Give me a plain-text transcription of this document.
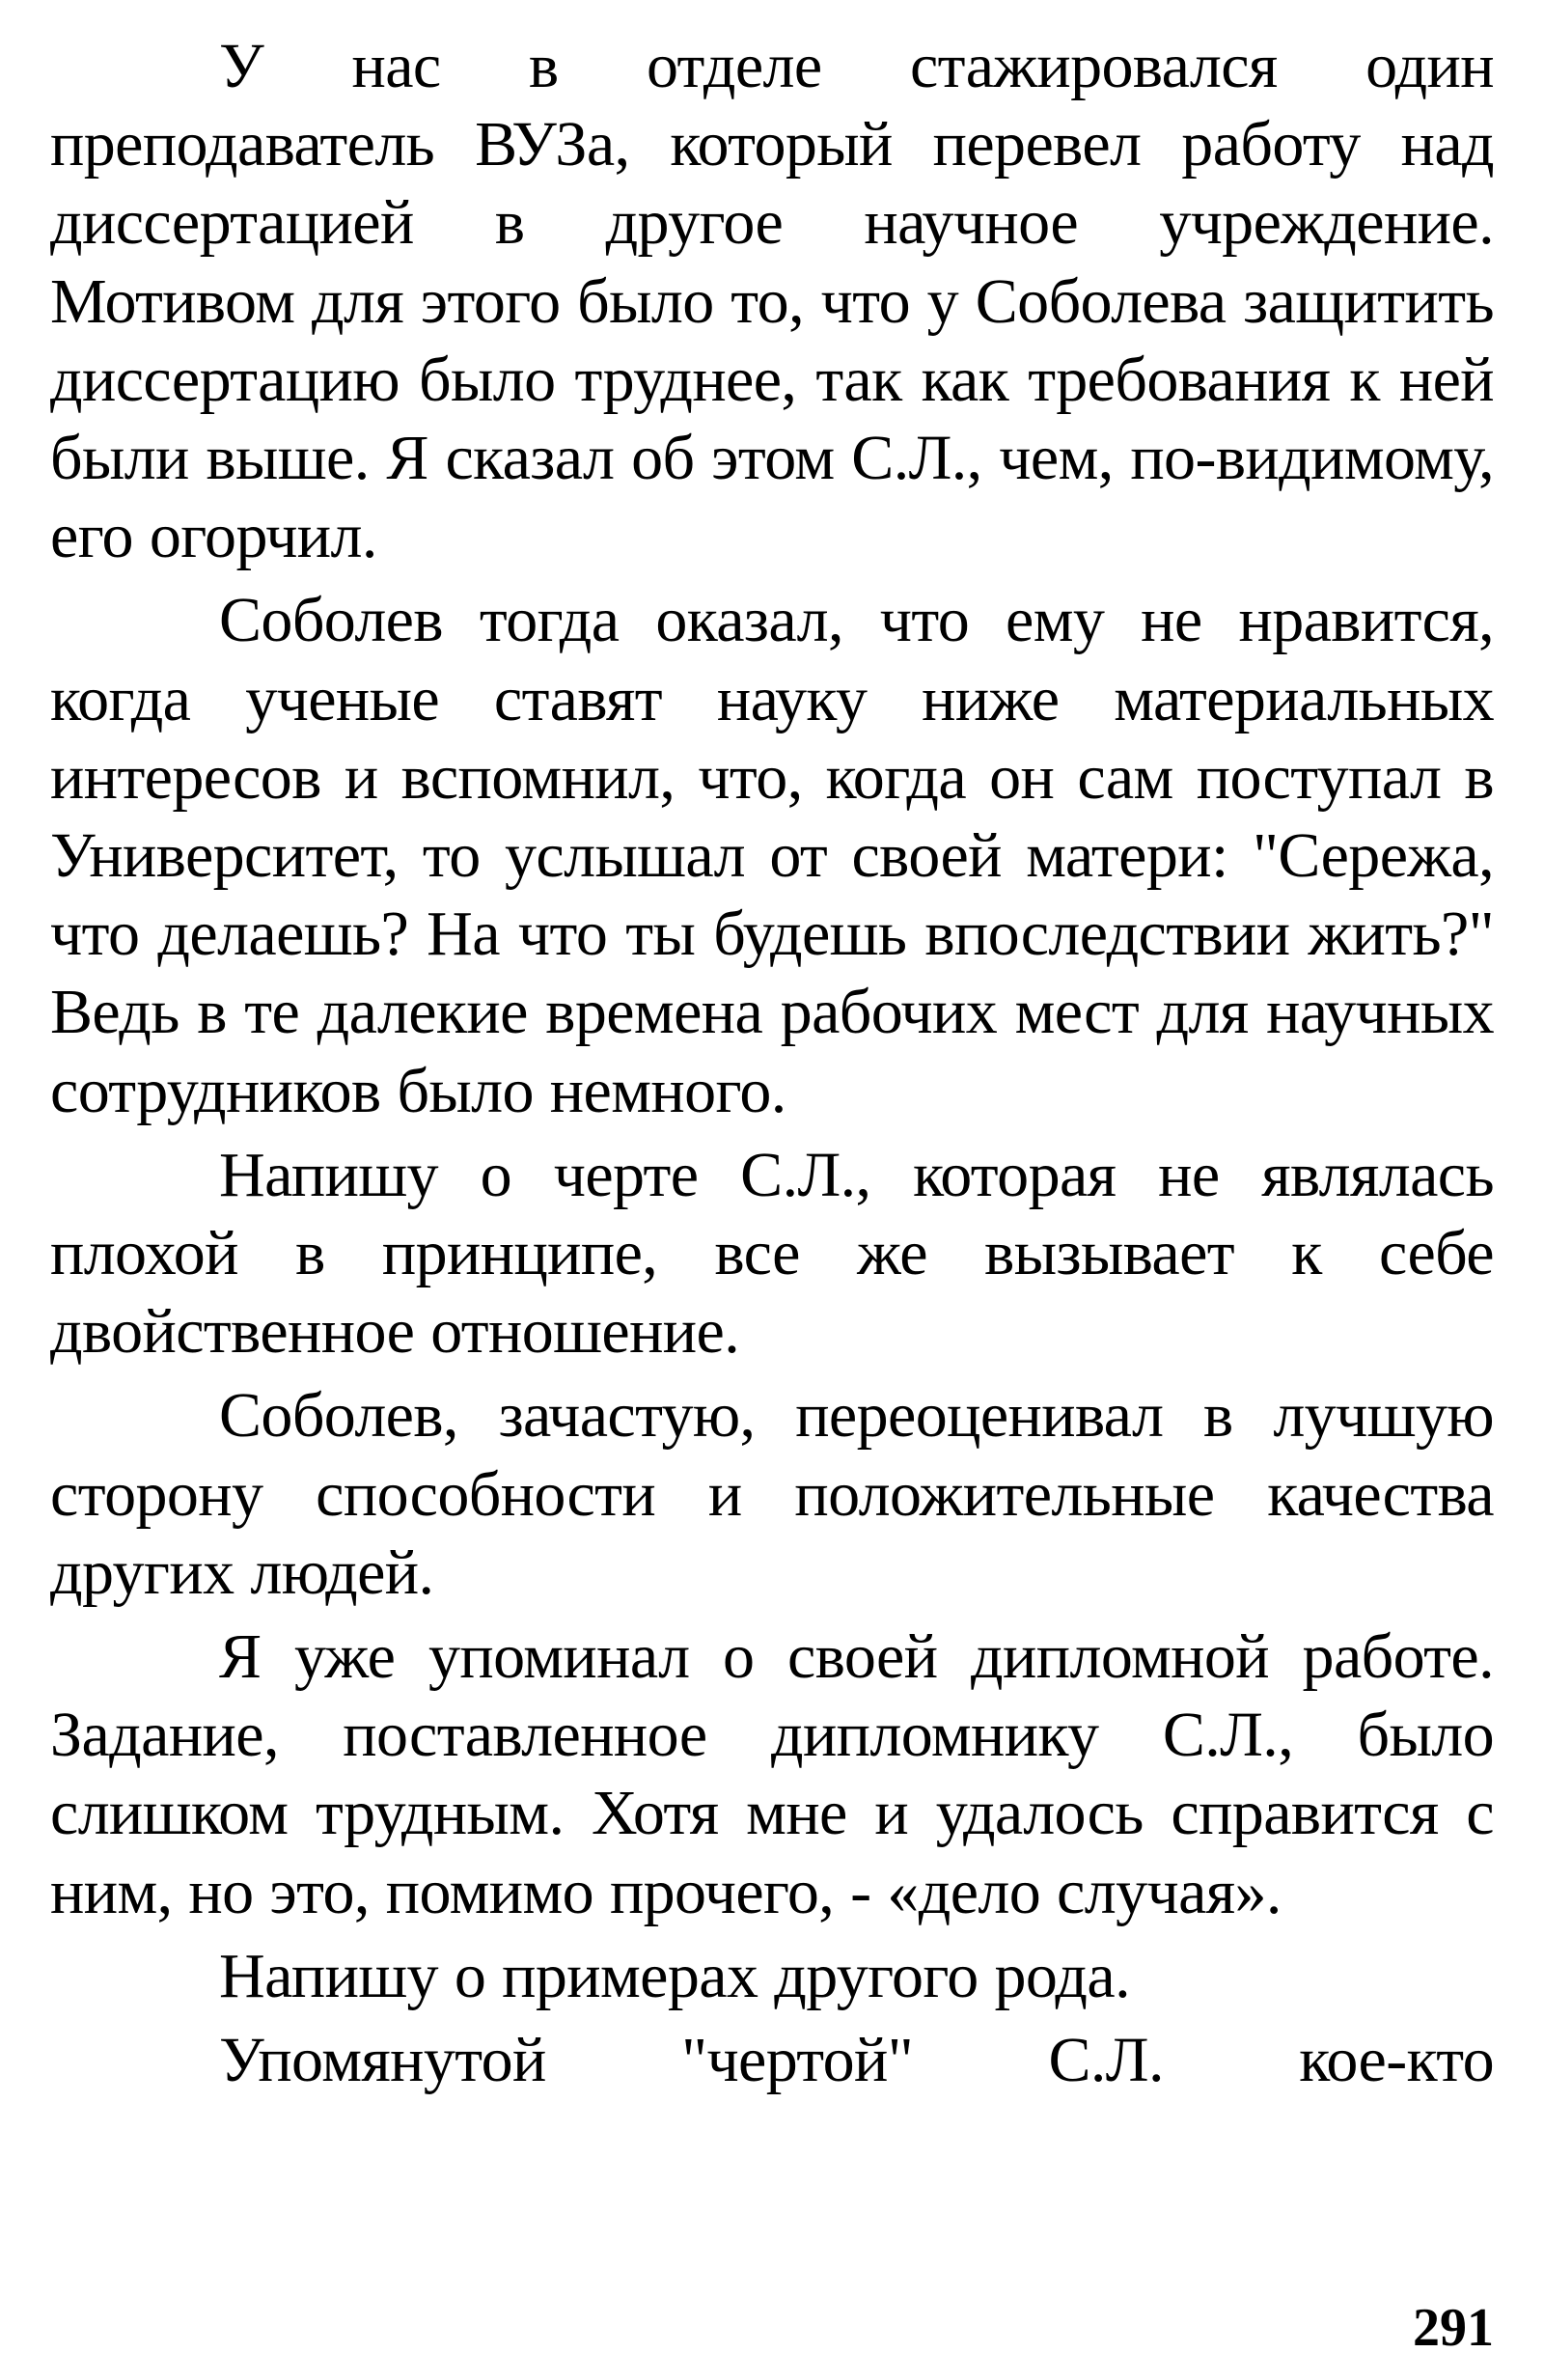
У нас в отделе стажировался один преподаватель ВУЗа, который перевел работу над диссертацией в другое научное учреждение. Мотивом для этого было то, что у Соболева защитить диссертацию было труднее, так как требования к ней были выше. Я сказал об этом С.Л., чем, по-видимому, его огорчил.

Соболев тогда оказал, что ему не нравится, когда ученые ставят науку ниже материальных интересов и вспомнил, что, когда он сам поступал в Университет, то услышал от своей матери: "Сережа, что делаешь? На что ты будешь впоследствии жить?" Ведь в те далекие времена рабочих мест для научных сотрудников было немного.

Напишу о черте С.Л., которая не являлась плохой в принципе, все же вызывает к себе двойственное отношение.

Соболев, зачастую, переоценивал в лучшую сторону способности и положительные качества других людей.

Я уже упоминал о своей дипломной работе. Задание, поставленное дипломнику С.Л., было слишком трудным. Хотя мне и удалось справится с ним, но это, помимо прочего, - «дело случая».

Напишу о примерах другого рода.

Упомянутой "чертой" С.Л. кое-кто

291
